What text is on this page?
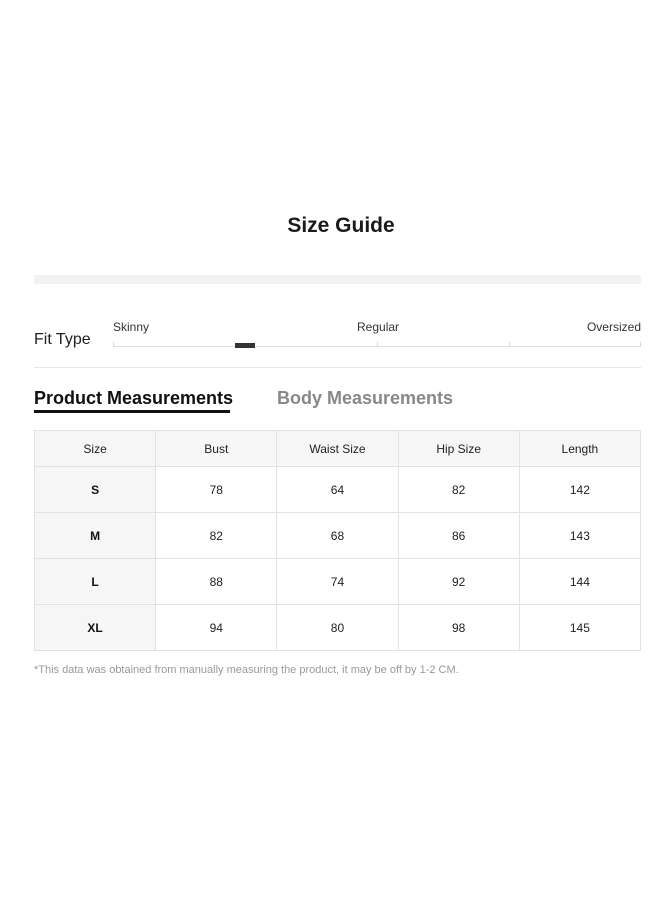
Size Guide
Fit Type
Skinny	Regular	Oversized
Product Measurements Body Measurements
Size	Bust	Waist Size	Hip Size	Length
S	78	64	82	142
M	82	68	86	143
L	88	74	92	144
XL	94	80	98	145
*This data was obtained from manually measuring the product, it may be off by 1-2 CM.
